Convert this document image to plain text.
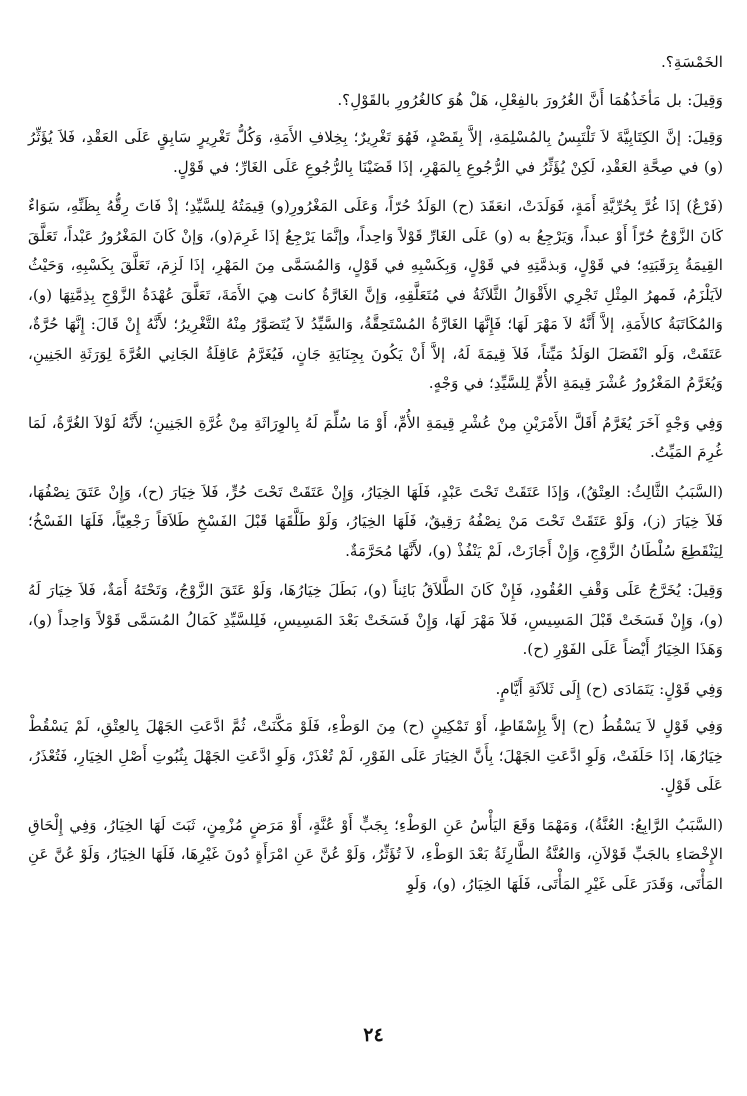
الخَمْسَةِ؟.

وَقِيلَ: بل مَأخَذُهُمَا أَنَّ الغُرُورَ بالفِعْلِ، هَلْ هُوَ كالغُرُورِ بالقَوْلِ؟.

وَقِيلَ: إنَّ الكِتَابِيَّةَ لاَ تَلْتَبِسُ بِالمُسْلِمَةِ، إلاَّ بِقَصْدٍ، فَهُوَ تَغْرِيرٌ؛ بِخِلافِ الأَمَةِ، وَكُلُّ تَغْرِيرٍ سَابِقٍ عَلَى العَقْدِ، فَلاَ يُؤَثِّرُ (و) في صِحَّةِ العَقْدِ، لَكِنْ يُؤَثِّرُ في الرُّجُوعِ بِالمَهْرِ، إذَا قَضَيْنَا بِالرُّجُوعِ عَلَى الغَارِّ؛ في قَوْلٍ.

(فَرْعٌ) إذَا غُرَّ بِحُرِّيَّةِ أَمَةٍ، فَوَلَدَتْ، انعَقَدَ (ح) الوَلَدُ حُرّاً، وَعَلَى المَغْرُورِ(و) قِيمَتُهُ لِلسَّيِّدِ؛ إذْ فَاتَ رِقُّهُ بِظَنِّهِ، سَوَاءٌ كَانَ الزَّوْجُ حُرّاً أَوْ عبداً، وَيَرْجِعُ به (و) عَلَى الغَارِّ قَوْلاً وَاحِداً، وإنَّمَا يَرْجِعُ إذَا غَرِمَ(و)، وَإنْ كَانَ المَغْرُورُ عَبْداً، تَعَلَّقَ القِيمَةُ بِرَقَبَتِهِ؛ في قَوْلٍ، وَبذمَّتِهِ في قَوْلٍ، وَبِكَسْبِهِ في قَوْلٍ، وَالمُسَمَّى مِنَ المَهْرِ، إذَا لَزِمَ، تَعَلَّقَ بِكَسْبِهِ، وَحَيْثُ لاَيَلْزَمُ، فَمهرُ المِثْلِ تَجْرِي الأَقْوَالُ الثَّلاَثَةُ في مُتَعَلَّقِهِ، وَإنَّ الغَارَّةُ كانت هِيَ الأَمَةَ، تَعَلَّقَ عُهْدَةُ الزَّوْجِ بِذِمَّتِهَا (و)، وَالمُكَاتَبَةُ كالأَمَةِ، إلاَّ أَنَّهُ لاَ مَهْرَ لَهَا؛ فَإِنَّهَا الغَارَّةُ المُسْتَحِقَّةُ، وَالسَّيِّدُ لاَ يُتَصَوَّرُ مِنْهُ التَّغْرِيرُ؛ لأَنَّهُ إِنْ قَالَ: إِنَّهَا حُرَّةٌ، عَتَقَتْ، وَلَو انْفَصَلَ الوَلَدُ مَيِّتاً، فَلاَ قِيمَةَ لَهُ، إلاَّ أَنْ يَكُونَ بِجِنَايَةِ جَانٍ، فَيُغَرَّمُ عَاقِلَةُ الجَانِي الغُرَّةَ لِوَرَثَةِ الجَنِينِ، وَيُغَرَّمُ المَغْرُورُ عُشْرَ قِيمَةِ الأُمِّ لِلسَّيِّدِ؛ في وَجْهٍ.

وَفِي وَجْهٍ آخَرَ يُغَرَّمُ أَقَلَّ الأَمْرَيْنِ مِنْ عُشْرِ قِيمَةِ الأُمِّ، أَوْ مَا سُلِّمَ لَهُ بِالوِرَاثَةِ مِنْ غُرَّةِ الجَنِينِ؛ لأَنَّهُ لَوْلاَ الغُرَّةُ، لَمَا غُرِمَ المَيِّتُ.

(السَّبَبُ الثَّالِثُ: العِتْقُ)، وَإذَا عَتَقَتْ تَحْتَ عَبْدٍ، فَلَهَا الخِيَارُ، وَإِنْ عَتَقَتْ تَحْتَ حُرٍّ، فَلاَ خِيَارَ (ح)، وَإِنْ عَتَقَ نِصْفُهَا، فَلاَ خِيَارَ (ز)، وَلَوْ عَتَقَتْ تَحْتَ مَنْ نِصْفُهُ رَقِيقٌ، فَلَهَا الخِيَارُ، وَلَوْ طَلَّقَهَا قَبْلَ الفَسْخِ طَلاَقاً رَجْعِيّاً، فَلَهَا الفَسْخُ؛ لِيَنْقَطِعَ سُلْطَانُ الزَّوْجِ، وَإِنْ أَجَازَتْ، لَمْ يَنْفُذْ (و)، لأَنَّهَا مُحَرَّمَةٌ.

وَقِيلَ: يُخَرَّجُ عَلَى وَقْفِ العُقُودِ، فَإِنْ كَانَ الطَّلاَقُ بَائِناً (و)، بَطَلَ خِيَارُهَا، وَلَوْ عَتَقَ الزَّوْجُ، وَتَحْتَهُ أَمَةٌ، فَلاَ خِيَارَ لَهُ (و)، وَإِنْ فَسَخَتْ قَبْلَ المَسِيسِ، فَلاَ مَهْرَ لَهَا، وَإِنْ فَسَخَتْ بَعْدَ المَسِيسِ، فَلِلسَّيِّدِ كَمَالُ المُسَمَّى قَوْلاً وَاحِداً (و)، وَهَذَا الخِيَارُ أَيْضاً عَلَى الفَوْرِ (ح).

وَفِي قَوْلٍ: يَتَمَادَى (ح) إِلَى ثَلاَثَةِ أَيَّامٍ.

وَفِي قَوْلٍ لاَ يَسْقُطُ (ح) إلاَّ بِإِسْقَاطٍ، أَوْ تَمْكِينٍ (ح) مِنَ الوَطْءِ، فَلَوْ مَكَّنَتْ، ثُمَّ ادَّعَتِ الجَهْلَ بِالعِتْقِ، لَمْ يَسْقُطْ خِيَارُهَا، إذَا حَلَفَتْ، وَلَوِ ادَّعَتِ الجَهْلَ؛ بِأَنَّ الخِيَارَ عَلَى الفَوْرِ، لَمْ تُعْذَرْ، وَلَوِ ادَّعَتِ الجَهْلَ بِثُبُوتِ أَصْلِ الخِيَارِ، فَتُعْذَرُ، عَلَى قَوْلٍ.

(السَّبَبُ الرَّابِعُ: العُنَّةُ)، وَمَهْمَا وَقَعَ اليَأْسُ عَنِ الوَطْءِ؛ بِجَبٍّ أَوْ عُنَّةٍ، أَوْ مَرَضٍ مُزْمِنٍ، ثَبَتَ لَهَا الخِيَارُ، وَفِي إِلْحَاقِ الإِخْصَاءِ بالجَبِّ قَوْلاَنِ، وَالعُنَّةُ الطَّارِئَةُ بَعْدَ الوَطْءِ، لاَ تُؤَثِّرُ، وَلَوْ عُنَّ عَنِ امْرَأَةٍ دُونَ غَيْرِهَا، فَلَهَا الخِيَارُ، وَلَوْ عُنَّ عَنِ المَأْتَى، وَقَدَرَ عَلَى غَيْرِ المَأْتَى، فَلَهَا الخِيَارُ، (و)، وَلَوِ

٢٤
